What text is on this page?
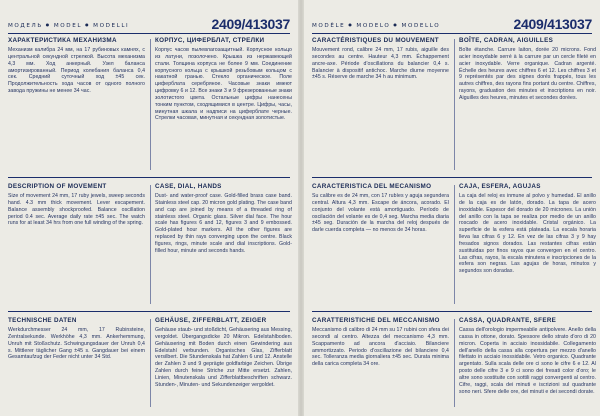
МОДЕЛЬ ● MODEL ● MODELLI	2409/413037
ХАРАКТЕРИСТИКА МЕХАНИЗМА

Механизм калибра 24 мм, на 17 рубиновых камнях, с центральной секундной стрелкой. Высота механизма 4,3 мм. Ход анкерный. Узел баланса амортизированный. Период колебания баланса 0,4 сек. Средний суточный ход ±45 сек. Продолжительность хода часов от одного полного завода пружины не менее 34 час.

КОРПУС, ЦИФЕРБЛАТ, СТРЕЛКИ

Корпус часов пылевлагозащитный. Корпусное кольцо из латуни, позолочено. Крышка из нержавеющей стали. Толщина корпуса не более 9 мм. Соединение корпусного кольца с крышкой резьбовым кольцом с накатной гранью. Стекло органическое. Поле циферблата серебряное. Часовые знаки имеют цифровку 6 и 12. Все знаки 3 и 9 фрезерованные знаки золотистого цвета. Остальные цифры нанесены тонким пунктом, сходящимися в центре. Цифры, часы, минутная шкала и надписи на циферблате черные. Стрелки часовая, минутная и секундная золотистые.

DESCRIPTION OF MOVEMENT

Size of movement 24 mm, 17 ruby jewels, sweep seconds hand. 4.3 mm thick movement. Lever escapement. Balance assembly shockproofed. Balance oscillation period 0.4 sec. Average daily rate ±45 sec. The watch runs for at least 34 hrs from one full winding of the spring.

CASE, DIAL, HANDS

Dust- and water-proof case. Gold-filled brass case band. Stainless steel cap. 20 micron gold plating. The case band and cap are joined by means of a threaded ring of stainless steel. Organic glass. Silver dial face. The hour scale has figures 6 and 12, figures 3 and 9 embossed. Gold-plated hour markers. All the other figures are replaced by thin rays converging upon the centre. Black figures, rings, minute scale and dial inscriptions. Gold-filled hour, minute and seconds hands.

TECHNISCHE DATEN

Werkdurchmesser 24 mm, 17 Rubinsteine, Zentralsekunde. Werkhöhe 4,3 mm. Ankerhemmung, Unruh mit Stoßschutz. Schwingungsdauer der Unruh 0,4 s. Mittlerer täglicher Gang ±45 s. Gangdauer bei einem Gesamtaufzug der Feder nicht unter 34 Std.

GEHÄUSE, ZIFFERBLATT, ZEIGER

Gehäuse staub- und stoßdicht, Gehäusering aus Messing, vergoldet. Übergangsdicke 20 Mikron. Edelstahlboden. Gehäusering mit Boden durch einen Gewindering aus Edelstahl verbunden. Organisches Glas, Zifferblatt versilbert. Die Stundenskala hat Zahlen 6 und 12. Anstelle der Zahlen 3 und 9 geprägte goldfarbige Zeichen. Übrige Zahlen durch feine Striche zur Mitte ersetzt. Zahlen, Linien, Minutenskala und Zifferblattbeschriften schwarz. Stunden-, Minuten- und Sekundenzeiger vergoldet.

MODÈLE ● MODELO ● MODELLO	2409/413037
CARACTÉRISTIQUES DU MOUVEMENT

Mouvement rond, calibre 24 mm, 17 rubis, aiguille des secondes au centre. Hauteur 4,3 mm. Échappement ancre-axe. Période d'oscillations du balancier 0,4 s. Balancier à dispositif antichoc. Marche diurne moyenne ±45 s. Réserve de marche 34 h au minimum.

BOÎTE, CADRAN, AIGUILLES

Boîte étanche. Carrure laiton, dorée 20 microns. Fond acier inoxydable serré à la carrure par un cercle fileté en acier inoxydable. Verre organique. Cadran argenté. Échelle des heures avec chiffres 6 et 12. Les chiffres 3 et 9 représentés par des signes dorés frappés, tous les autres chiffres, des rayons fins portant du centre. Chiffres, rayons, graduation des minutes et inscriptions en noir. Aiguilles des heures, minutes et secondes dorées.

CARACTERISTICA DEL MECANISMO

Su calibre es de 24 mm, con 17 rubíes y aguja segundera central. Altura 4,3 mm. Escape de áncora, acorado. El conjunto del volante está amortiguado. Período de oscilación del volante es de 0,4 seg. Marcha media diaria ±45 seg. Duración de la marcha del reloj después de darle cuerda completa — no menos de 34 horas.

CAJA, ESFERA, AGUJAS

La caja del reloj es inmune al polvo y humedad. El anillo de la caja es de latón, dorado. La tapa de acero inoxidable. Espesor del dorado de 20 micrones. La unión del anillo con la tapa se realiza por medio de un anillo roscado de acero inoxidable. Cristal orgánico. La superficie de la esfera está plateada. La escala horaria lleva las cifras 6 y 12. En vez de las cifras 3 y 9 hay fresados signos dorados. Las restantes cifras están sustituidas por finos rayos que convergen en el centro. Las cifras, rayos, la escala minutera e inscripciones de la esfera son negras. Las agujas de horas, minutos y segundos son doradas.

CARATTERISTICHE DEL MECCANISMO

Meccanismo di calibro di 24 mm su 17 rubini con sfera dei secondi al centro. Altezza del meccanismo 4,3 mm. Scappamento ad ancora d'acciaio. Bilanciere ammortizzato. Periodo d'oscillazione del bilanciere 0,4 sec. Tolleranza media giornaliera ±45 sec. Durata minima della carica completa 34 ore.

CASSA, QUADRANTE, SFERE

Cassa dell'orologio impermeabile antipolvere. Anello della cassa in ottone, dorato. Spessore dello strato d'oro di 20 micron. Coperta in acciaio inossidabile. Collegamento dell'anello della cassa alla copertura per mezzo d'anello filettato in acciaio inossidabile. Vetro organico. Quadrante argentato. Sulla scala delle ore ci sono le cifre 6 e 12. Al posto delle cifre 3 e 9 ci sono dei fresati color d'oro; le altre sono sostituite con sottili raggi convergenti al centro. Cifre, raggi, scala dei minuti e iscrizioni sul quadrante sono neri. Sfere delle ore, dei minuti e dei secondi dorate.
